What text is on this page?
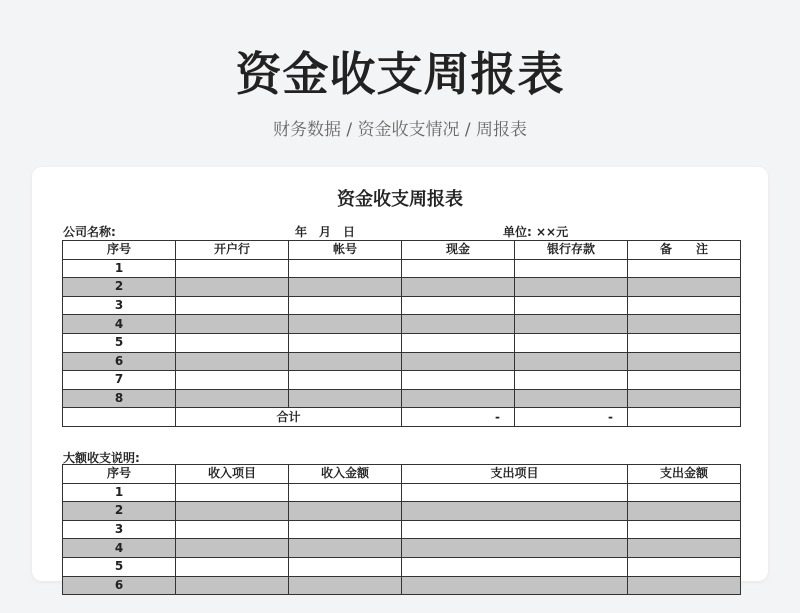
资金收支周报表
财务数据 / 资金收支情况 / 周报表
资金收支周报表
公司名称:	年　月　日	单位: ××元
序号	开户行	帐号	现金	银行存款	备　　注
1					
2					
3					
4					
5					
6					
7					
8					
	合计		-	-	
大额收支说明:
序号	收入项目	收入金额	支出项目	支出金额
1				
2				
3				
4				
5				
6				
